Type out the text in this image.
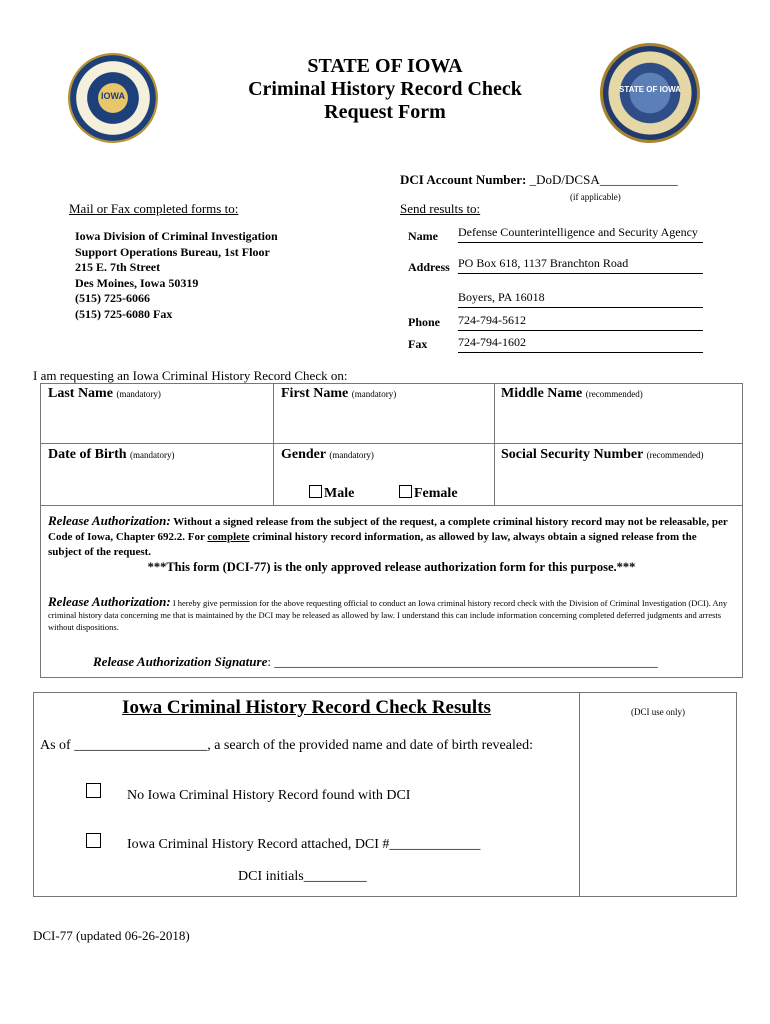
IOWA
STATE OF IOWA
STATE OF IOWA
Criminal History Record Check
Request Form
DCI Account Number: _DoD/DCSA____________
(if applicable)
Mail or Fax completed forms to:
Iowa Division of Criminal Investigation
Support Operations Bureau, 1st Floor
215 E. 7th Street
Des Moines, Iowa 50319
(515) 725-6066
(515) 725-6080 Fax
Send results to:
Name Defense Counterintelligence and Security Agency
Address PO Box 618, 1137 Branchton Road
Boyers, PA 16018
Phone 724-794-5612
Fax	724-794-1602
I am requesting an Iowa Criminal History Record Check on:
Last Name (mandatory)	First Name (mandatory)	Middle Name (recommended)
Date of Birth (mandatory)	Gender (mandatory)	Social Security Number (recommended)
Male	Female
Release Authorization: Without a signed release from the subject of the request, a complete criminal history record may not be releasable, per Code of Iowa, Chapter 692.2. For complete criminal history record information, as allowed by law, always obtain a signed release from the subject of the request.
***This form (DCI-77) is the only approved release authorization form for this purpose.***
Release Authorization: I hereby give permission for the above requesting official to conduct an Iowa criminal history record check with the Division of Criminal Investigation (DCI). Any criminal history data concerning me that is maintained by the DCI may be released as allowed by law. I understand this can include information concerning completed deferred judgments and arrests without dispositions.
Release Authorization Signature: ___________________________________________________________
Iowa Criminal History Record Check Results	(DCI use only)
As of ___________________, a search of the provided name and date of birth revealed:
No Iowa Criminal History Record found with DCI
Iowa Criminal History Record attached, DCI #_____________
DCI initials_________
DCI-77 (updated 06-26-2018)
